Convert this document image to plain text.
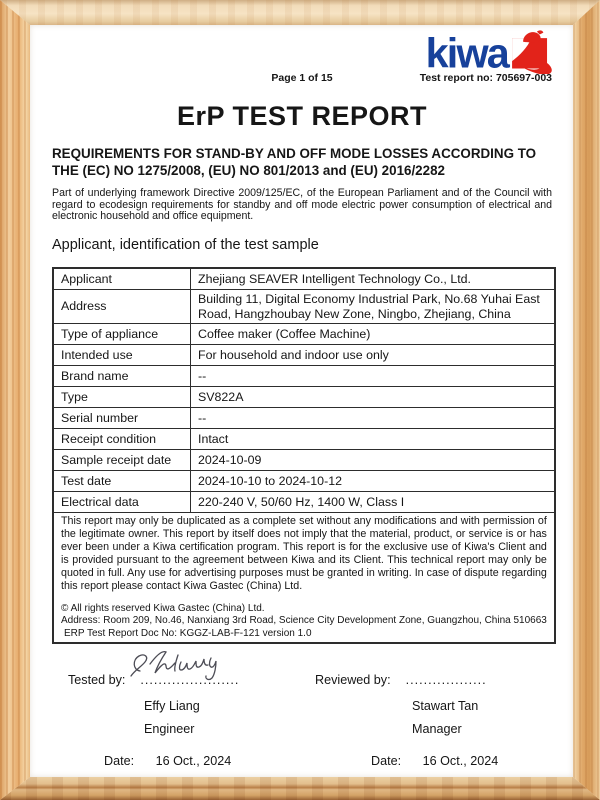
kiwa
Page 1 of 15	Test report no: 705697-003
ErP TEST REPORT
REQUIREMENTS FOR STAND-BY AND OFF MODE LOSSES ACCORDING TO THE (EC) NO 1275/2008, (EU) NO 801/2013 and (EU) 2016/2282
Part of underlying framework Directive 2009/125/EC, of the European Parliament and of the Council with regard to ecodesign requirements for standby and off mode electric power consumption of electrical and electronic household and office equipment.
Applicant, identification of the test sample
Applicant	Zhejiang SEAVER Intelligent Technology Co., Ltd.
Address	Building 11, Digital Economy Industrial Park, No.68 Yuhai East Road, Hangzhoubay New Zone, Ningbo, Zhejiang, China
Type of appliance	Coffee maker (Coffee Machine)
Intended use	For household and indoor use only
Brand name	--
Type	SV822A
Serial number	--
Receipt condition	Intact
Sample receipt date	2024-10-09
Test date	2024-10-10 to 2024-10-12
Electrical data	220-240 V, 50/60 Hz, 1400 W, Class I

This report may only be duplicated as a complete set without any modifications and with permission of the legitimate owner. This report by itself does not imply that the material, product, or service is or has ever been under a Kiwa certification program. This report is for the exclusive use of Kiwa's Client and is provided pursuant to the agreement between Kiwa and its Client. This technical report may only be quoted in full. Any use for advertising purposes must be granted in writing. In case of dispute regarding this report please contact Kiwa Gastec (China) Ltd.
© All rights reserved Kiwa Gastec (China) Ltd.
Address: Room 209, No.46, Nanxiang 3rd Road, Science City Development Zone, Guangzhou, China 510663
ERP Test Report Doc No: KGGZ-LAB-F-121 version 1.0	
Tested by: ......................
Effy Liang
Engineer
Date: 16 Oct., 2024
Reviewed by: ..................
Stawart Tan
Manager
Date: 16 Oct., 2024
